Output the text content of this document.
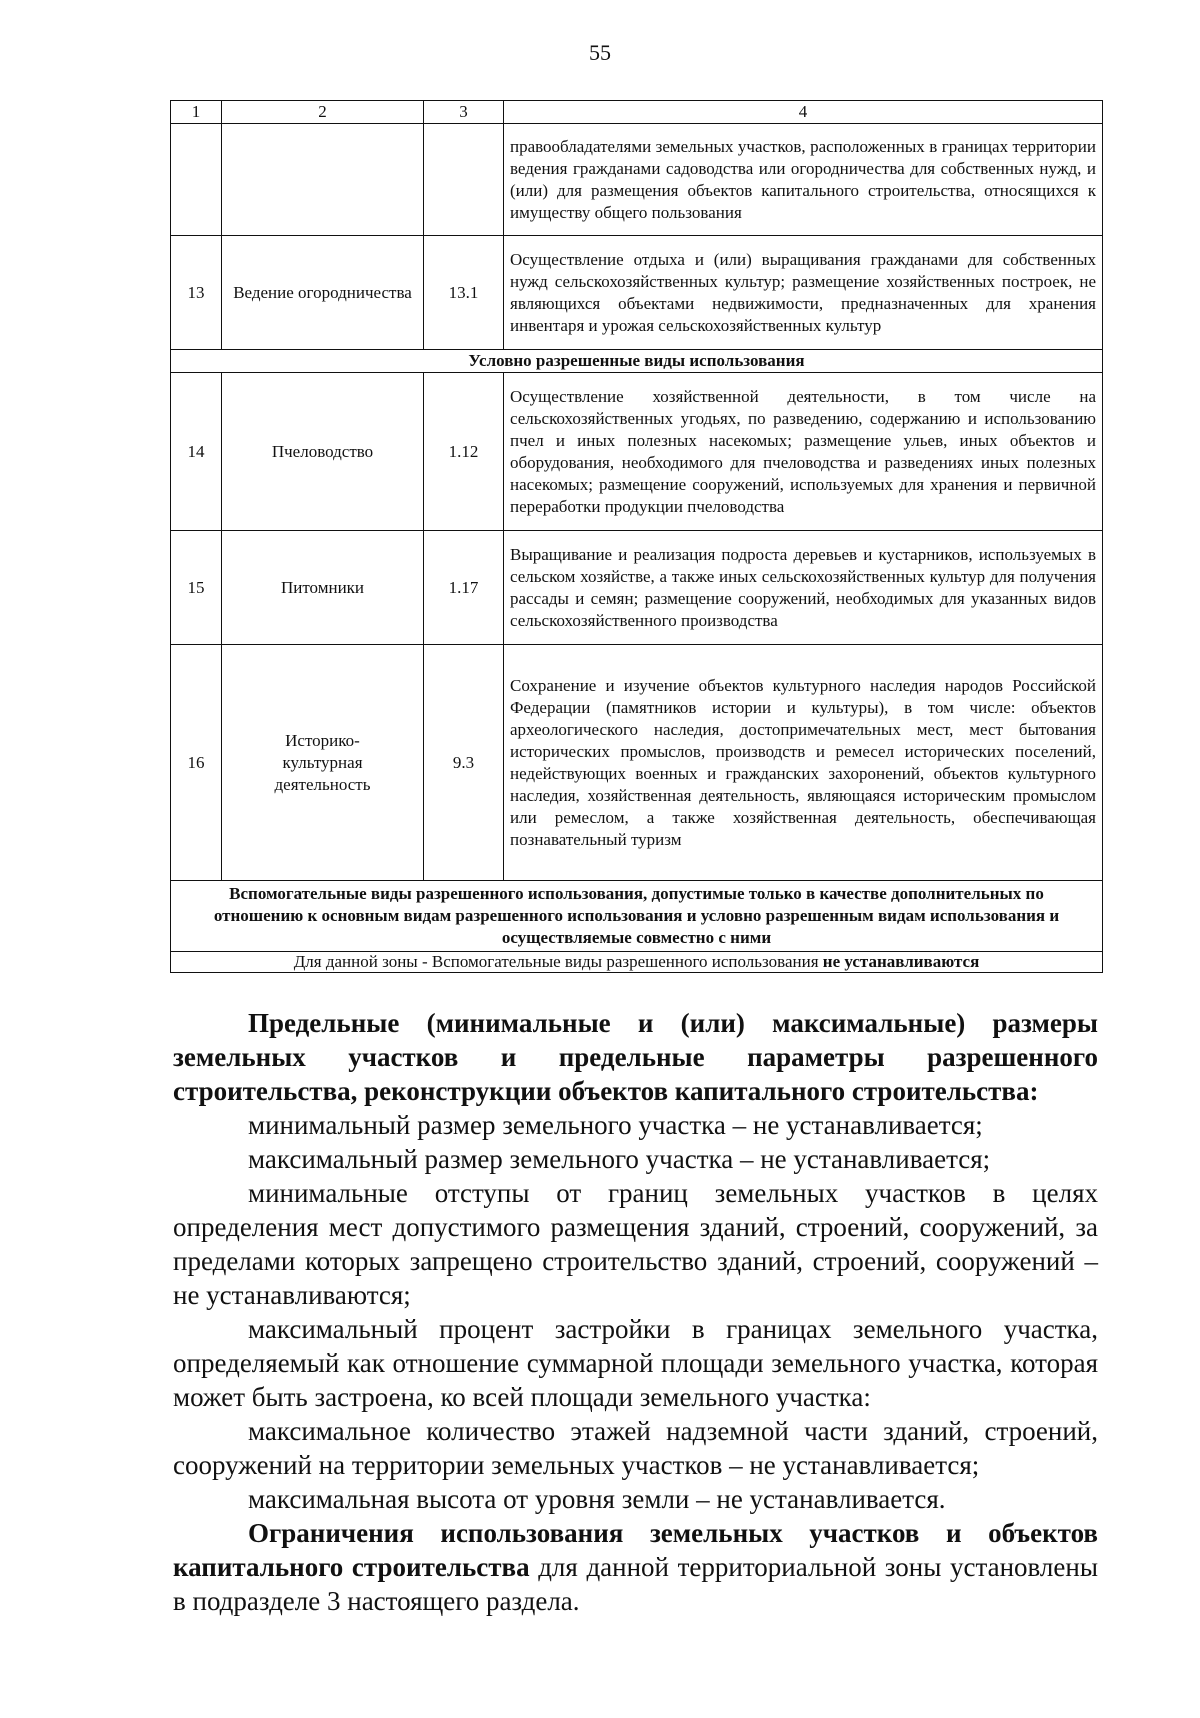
55
1	2	3	4
			правообладателями земельных участков, расположенных в границах территории ведения гражданами садоводства или огородничества для собственных нужд, и (или) для размещения объектов капитального строительства, относящихся к имуществу общего пользования
13	Ведение огородничества	13.1	Осуществление отдыха и (или) выращивания гражданами для собственных нужд сельскохозяйственных культур; размещение хозяйственных построек, не являющихся объектами недвижимости, предназначенных для хранения инвентаря и урожая сельскохозяйственных культур
Условно разрешенные виды использования			
14	Пчеловодство	1.12	Осуществление хозяйственной деятельности, в том числе на сельскохозяйственных угодьях, по разведению, содержанию и использованию пчел и иных полезных насекомых; размещение ульев, иных объектов и оборудования, необходимого для пчеловодства и разведениях иных полезных насекомых; размещение сооружений, используемых для хранения и первичной переработки продукции пчеловодства
15	Питомники	1.17	Выращивание и реализация подроста деревьев и кустарников, используемых в сельском хозяйстве, а также иных сельскохозяйственных культур для получения рассады и семян; размещение сооружений, необходимых для указанных видов сельскохозяйственного производства
16	Историко-культурная деятельность	9.3	Сохранение и изучение объектов культурного наследия народов Российской Федерации (памятников истории и культуры), в том числе: объектов археологического наследия, достопримечательных мест, мест бытования исторических промыслов, производств и ремесел исторических поселений, недействующих военных и гражданских захоронений, объектов культурного наследия, хозяйственная деятельность, являющаяся историческим промыслом или ремеслом, а также хозяйственная деятельность, обеспечивающая познавательный туризм
Вспомогательные виды разрешенного использования, допустимые только в качестве дополнительных по отношению к основным видам разрешенного использования и условно разрешенным видам использования и осуществляемые совместно с ними			
Для данной зоны - Вспомогательные виды разрешенного использования не устанавливаются			

Предельные (минимальные и (или) максимальные) размеры земельных участков и предельные параметры разрешенного строительства, реконструкции объектов капитального строительства:

минимальный размер земельного участка – не устанавливается;

максимальный размер земельного участка – не устанавливается;

минимальные отступы от границ земельных участков в целях определения мест допустимого размещения зданий, строений, сооружений, за пределами которых запрещено строительство зданий, строений, сооружений – не устанавливаются;

максимальный процент застройки в границах земельного участка, определяемый как отношение суммарной площади земельного участка, которая может быть застроена, ко всей площади земельного участка:

максимальное количество этажей надземной части зданий, строений, сооружений на территории земельных участков – не устанавливается;

максимальная высота от уровня земли – не устанавливается.

Ограничения использования земельных участков и объектов капитального строительства для данной территориальной зоны установлены в подразделе 3 настоящего раздела.
